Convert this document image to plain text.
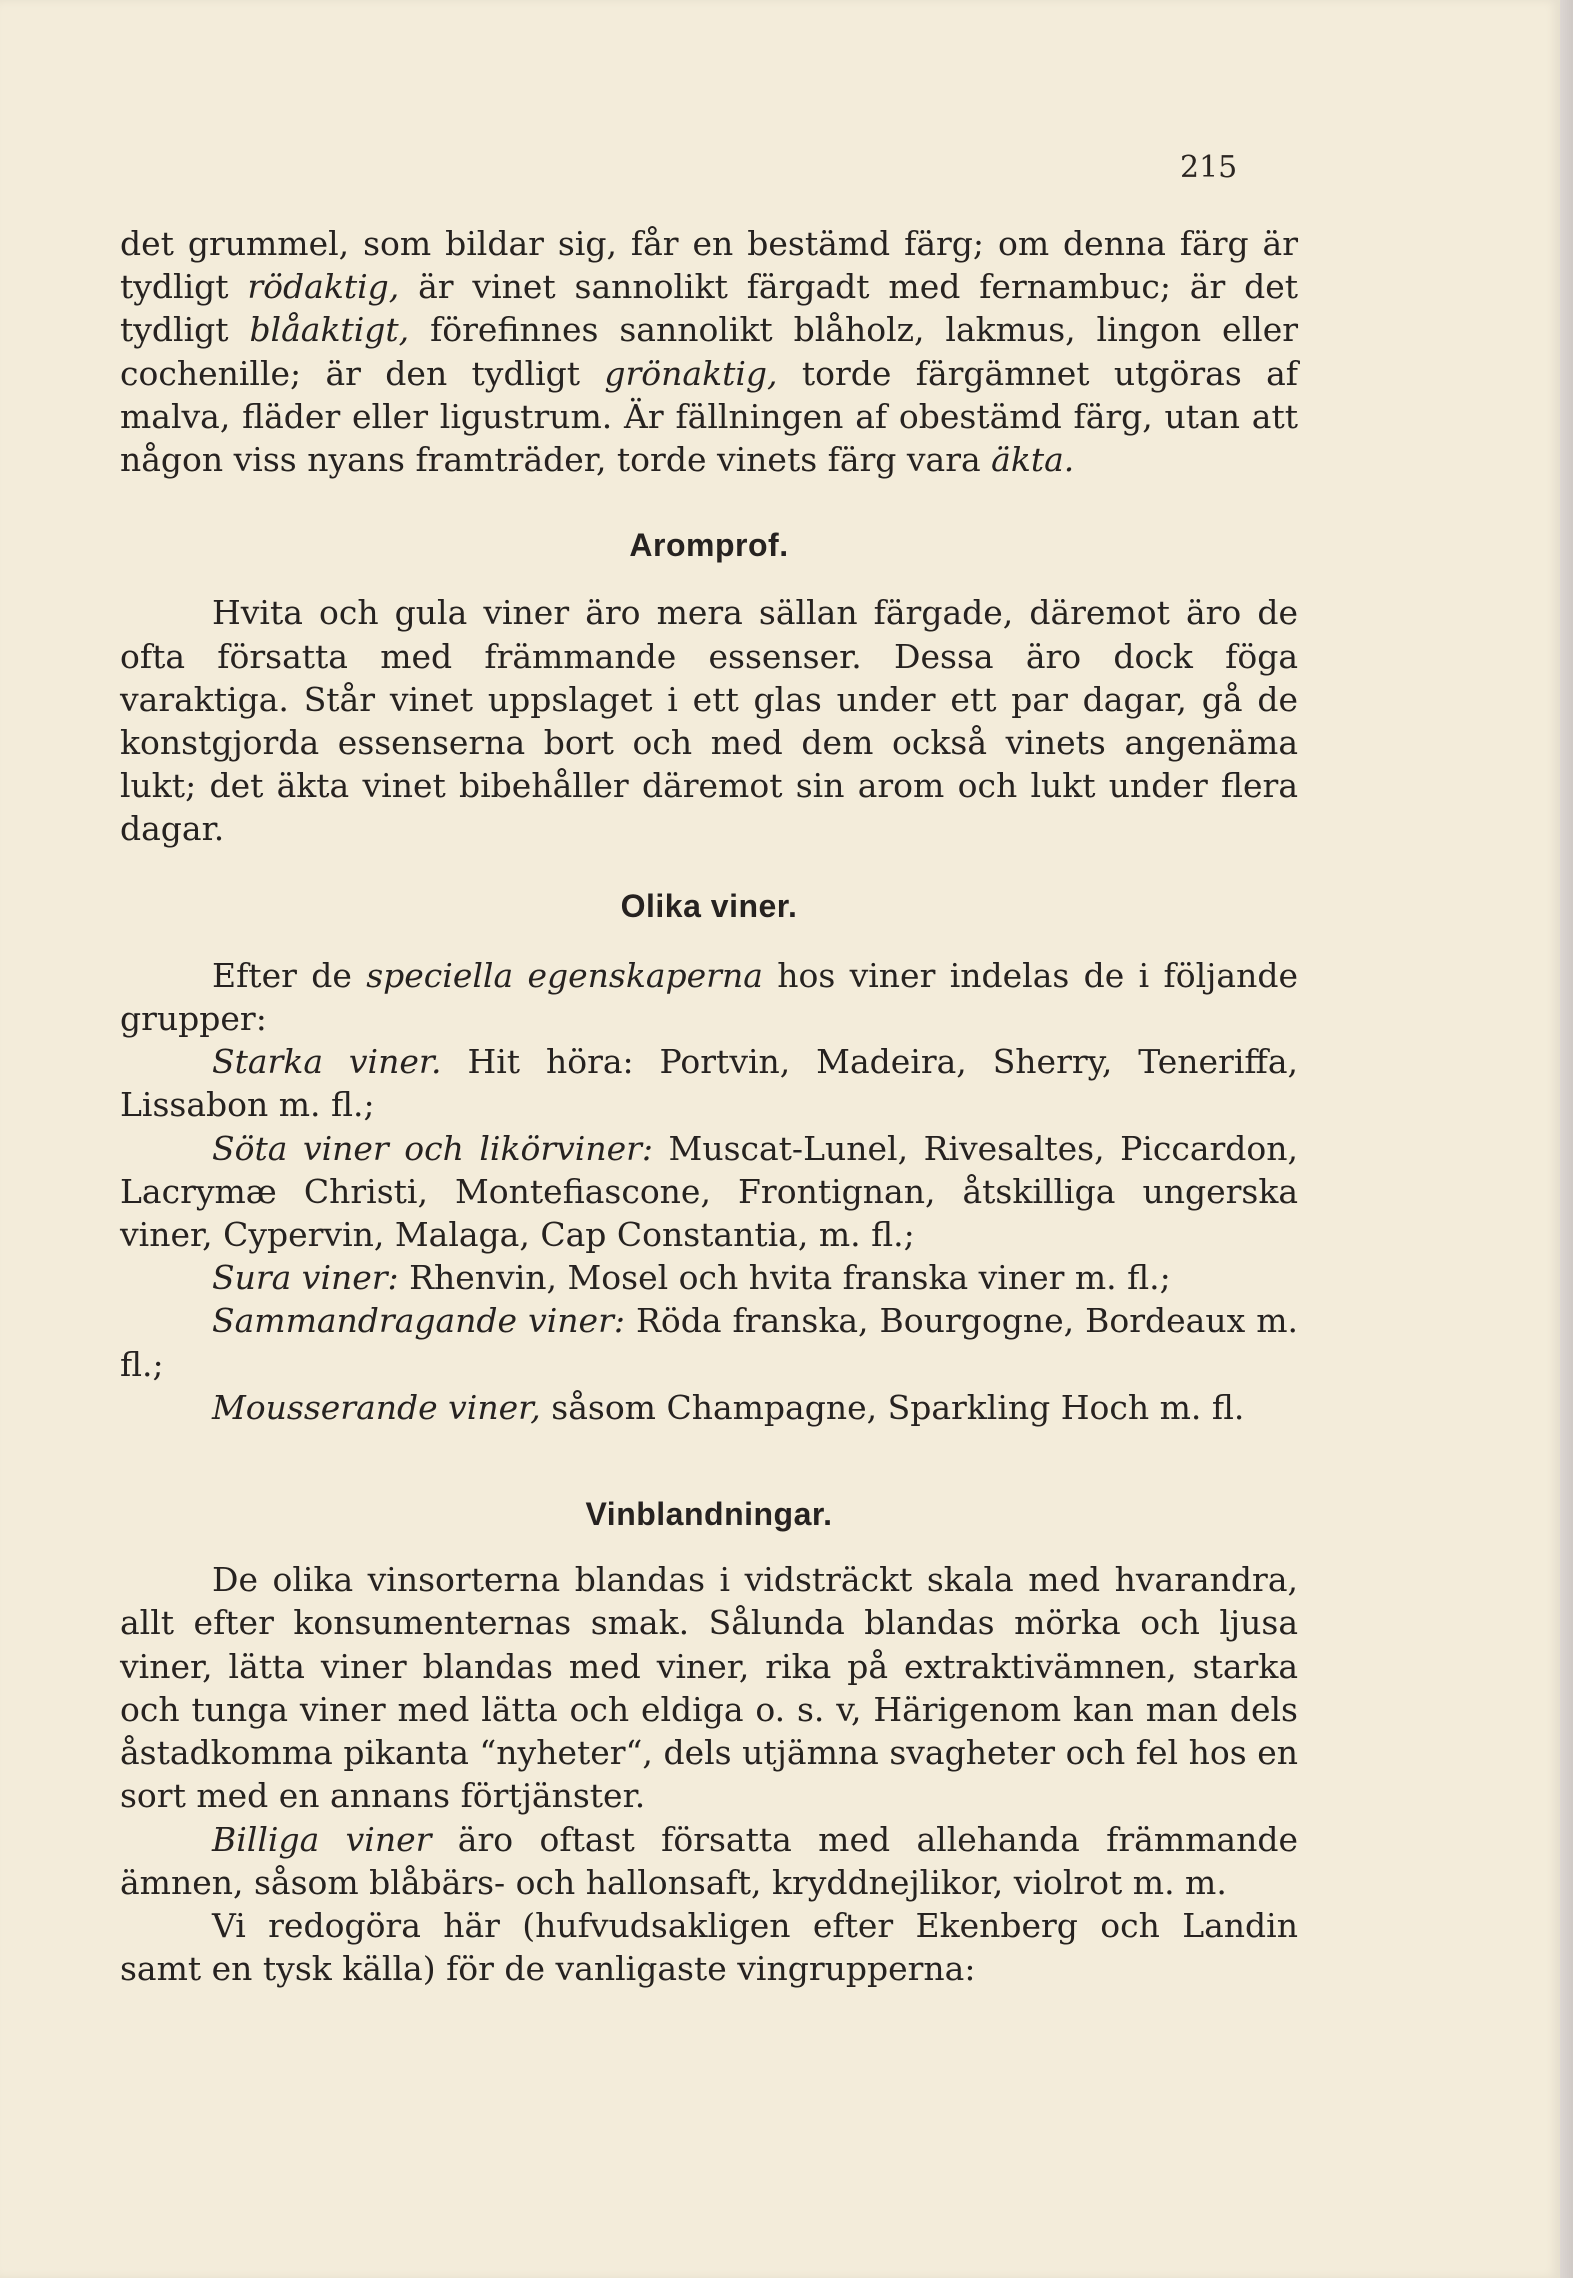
215

det grummel, som bildar sig, får en bestämd färg; om denna färg är tydligt rödaktig, är vinet sannolikt färgadt med fernambuc; är det tydligt blåaktigt, förefinnes sannolikt blåholz, lakmus, lingon eller cochenille; är den tydligt grönaktig, torde färgämnet utgöras af malva, fläder eller ligustrum. Är fällningen af obestämd färg, utan att någon viss nyans framträder, torde vinets färg vara äkta.

Aromprof.

Hvita och gula viner äro mera sällan färgade, däremot äro de ofta försatta med främmande essenser. Dessa äro dock föga varaktiga. Står vinet uppslaget i ett glas under ett par dagar, gå de konstgjorda essenserna bort och med dem också vinets angenäma lukt; det äkta vinet bibehåller däremot sin arom och lukt under flera dagar.

Olika viner.

Efter de speciella egenskaperna hos viner indelas de i följande grupper:

Starka viner. Hit höra: Portvin, Madeira, Sherry, Teneriffa, Lissabon m. fl.;

Söta viner och likörviner: Muscat-Lunel, Rivesaltes, Piccardon, Lacrymæ Christi, Montefiascone, Frontignan, åtskilliga ungerska viner, Cypervin, Malaga, Cap Constantia, m. fl.;

Sura viner: Rhenvin, Mosel och hvita franska viner m. fl.;

Sammandragande viner: Röda franska, Bourgogne, Bordeaux m. fl.;

Mousserande viner, såsom Champagne, Sparkling Hoch m. fl.

Vinblandningar.

De olika vinsorterna blandas i vidsträckt skala med hvarandra, allt efter konsumenternas smak. Sålunda blandas mörka och ljusa viner, lätta viner blandas med viner, rika på extraktivämnen, starka och tunga viner med lätta och eldiga o. s. v, Härigenom kan man dels åstadkomma pikanta “nyheter“, dels utjämna svagheter och fel hos en sort med en annans förtjänster.

Billiga viner äro oftast försatta med allehanda främmande ämnen, såsom blåbärs- och hallonsaft, kryddnejlikor, violrot m. m.

Vi redogöra här (hufvudsakligen efter Ekenberg och Landin samt en tysk källa) för de vanligaste vingrupperna:
